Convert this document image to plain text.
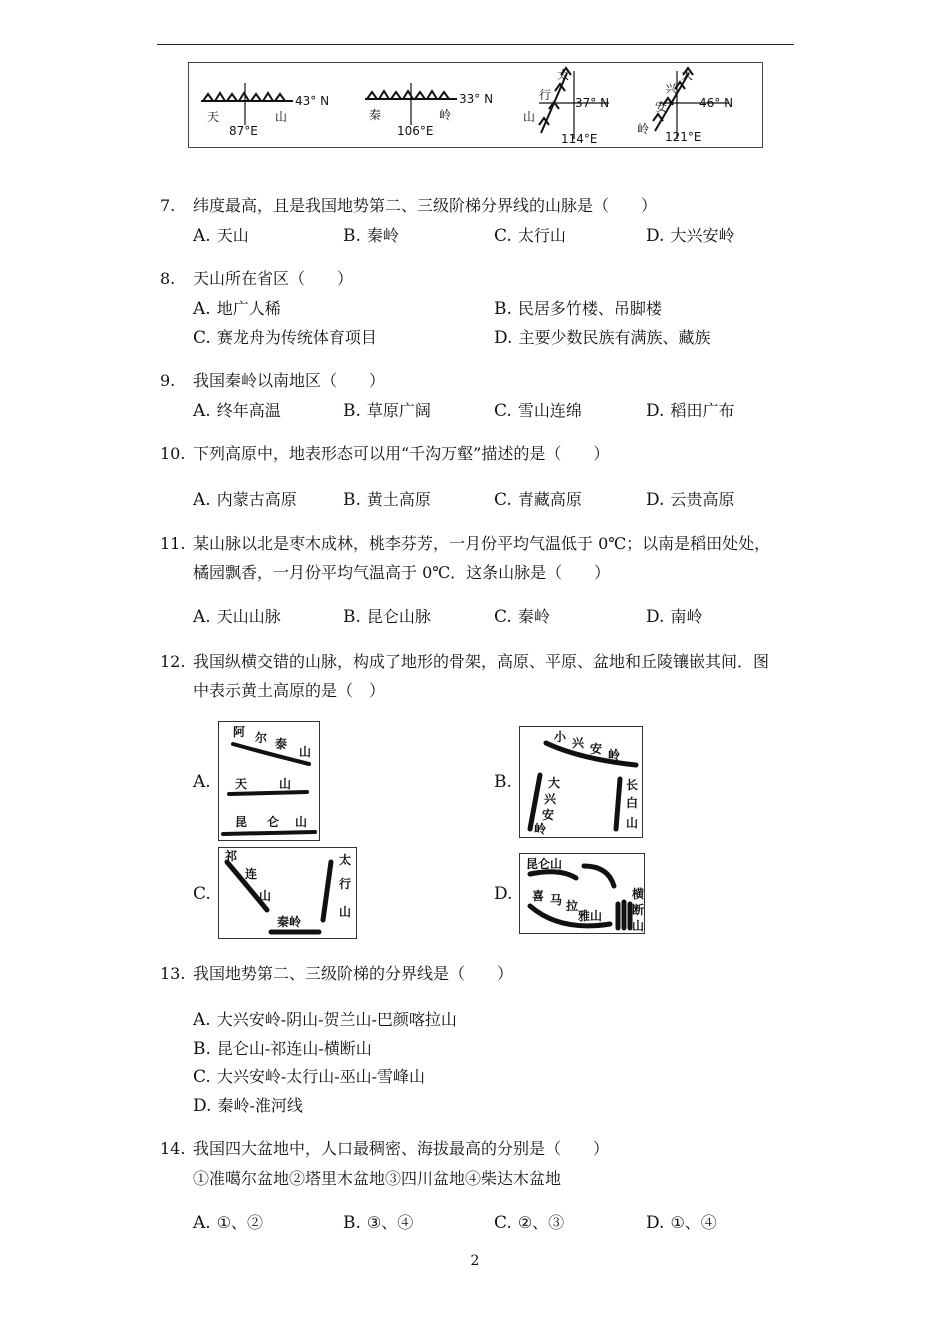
43° N
87°E
天	山
33° N
106°E
秦	岭
37° N
114°E
太
行
山
46° N
121°E
大
兴
安
岭
7. 纬度最高，且是我国地势第二、三级阶梯分界线的山脉是（　　）
A. 天山	B. 秦岭	C. 太行山	D. 大兴安岭
8. 天山所在省区（　　）
A. 地广人稀	B. 民居多竹楼、吊脚楼
C. 赛龙舟为传统体育项目	D. 主要少数民族有满族、藏族
9. 我国秦岭以南地区（　　）
A. 终年高温	B. 草原广阔	C. 雪山连绵	D. 稻田广布
10. 下列高原中，地表形态可以用“千沟万壑”描述的是（　　）
A. 内蒙古高原	B. 黄土高原	C. 青藏高原	D. 云贵高原
11. 某山脉以北是枣木成林，桃李芬芳，一月份平均气温低于 0℃；以南是稻田处处，
橘园飘香，一月份平均气温高于 0℃．这条山脉是（　　）
A. 天山山脉	B. 昆仑山脉	C. 秦岭	D. 南岭
12. 我国纵横交错的山脉，构成了地形的骨架，高原、平原、盆地和丘陵镶嵌其间．图
中表示黄土高原的是（　）
A.
阿 尔 泰
山
天	山
昆 仑 山
B.
小 兴 安 岭
大
兴
安
岭
长
白
山
C.
祁
连
山
太
行
山
秦岭
D.
昆仑山
喜 马 拉
雅山
横
断
山
13. 我国地势第二、三级阶梯的分界线是（　　）
A. 大兴安岭-阴山-贺兰山-巴颜喀拉山
B. 昆仑山-祁连山-横断山
C. 大兴安岭-太行山-巫山-雪峰山
D. 秦岭-淮河线
14. 我国四大盆地中，人口最稠密、海拔最高的分别是（　　）
①准噶尔盆地②塔里木盆地③四川盆地④柴达木盆地
A. ①、②	B. ③、④	C. ②、③	D. ①、④
2
